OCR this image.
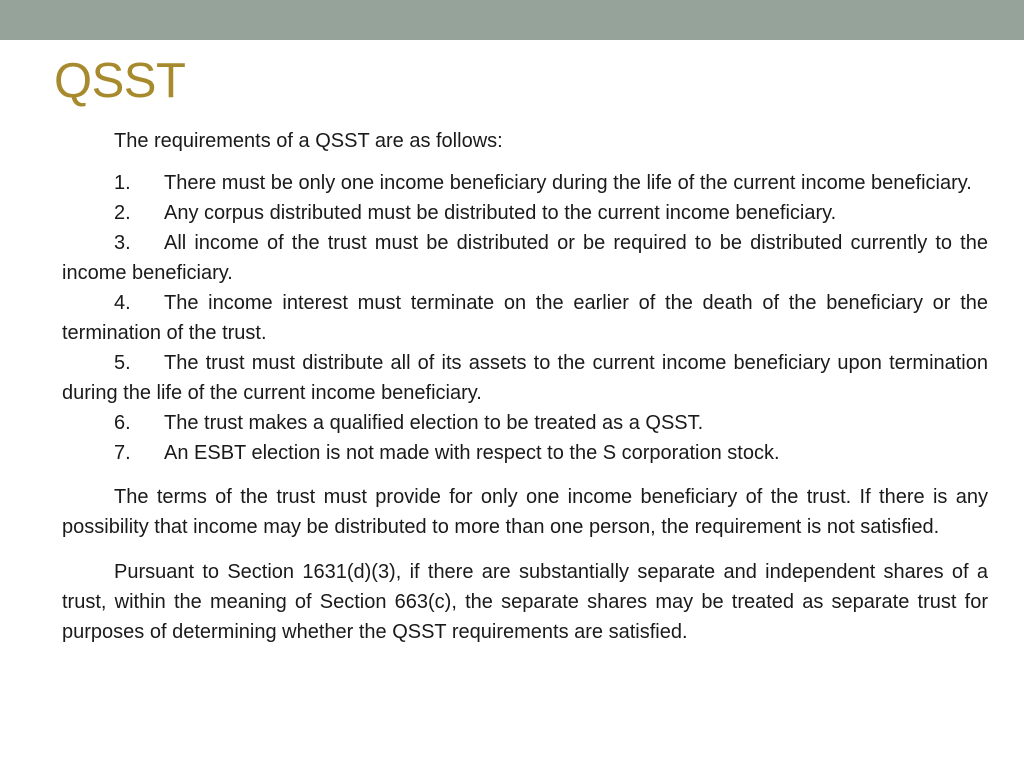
QSST

The requirements of a QSST are as follows:

1. There must be only one income beneficiary during the life of the current income beneficiary.
2. Any corpus distributed must be distributed to the current income beneficiary.
3. All income of the trust must be distributed or be required to be distributed currently to the income beneficiary.
4. The income interest must terminate on the earlier of the death of the beneficiary or the termination of the trust.
5. The trust must distribute all of its assets to the current income beneficiary upon termination during the life of the current income beneficiary.
6. The trust makes a qualified election to be treated as a QSST.
7. An ESBT election is not made with respect to the S corporation stock.

The terms of the trust must provide for only one income beneficiary of the trust. If there is any possibility that income may be distributed to more than one person, the requirement is not satisfied.

Pursuant to Section 1631(d)(3), if there are substantially separate and independent shares of a trust, within the meaning of Section 663(c), the separate shares may be treated as separate trust for purposes of determining whether the QSST requirements are satisfied.
